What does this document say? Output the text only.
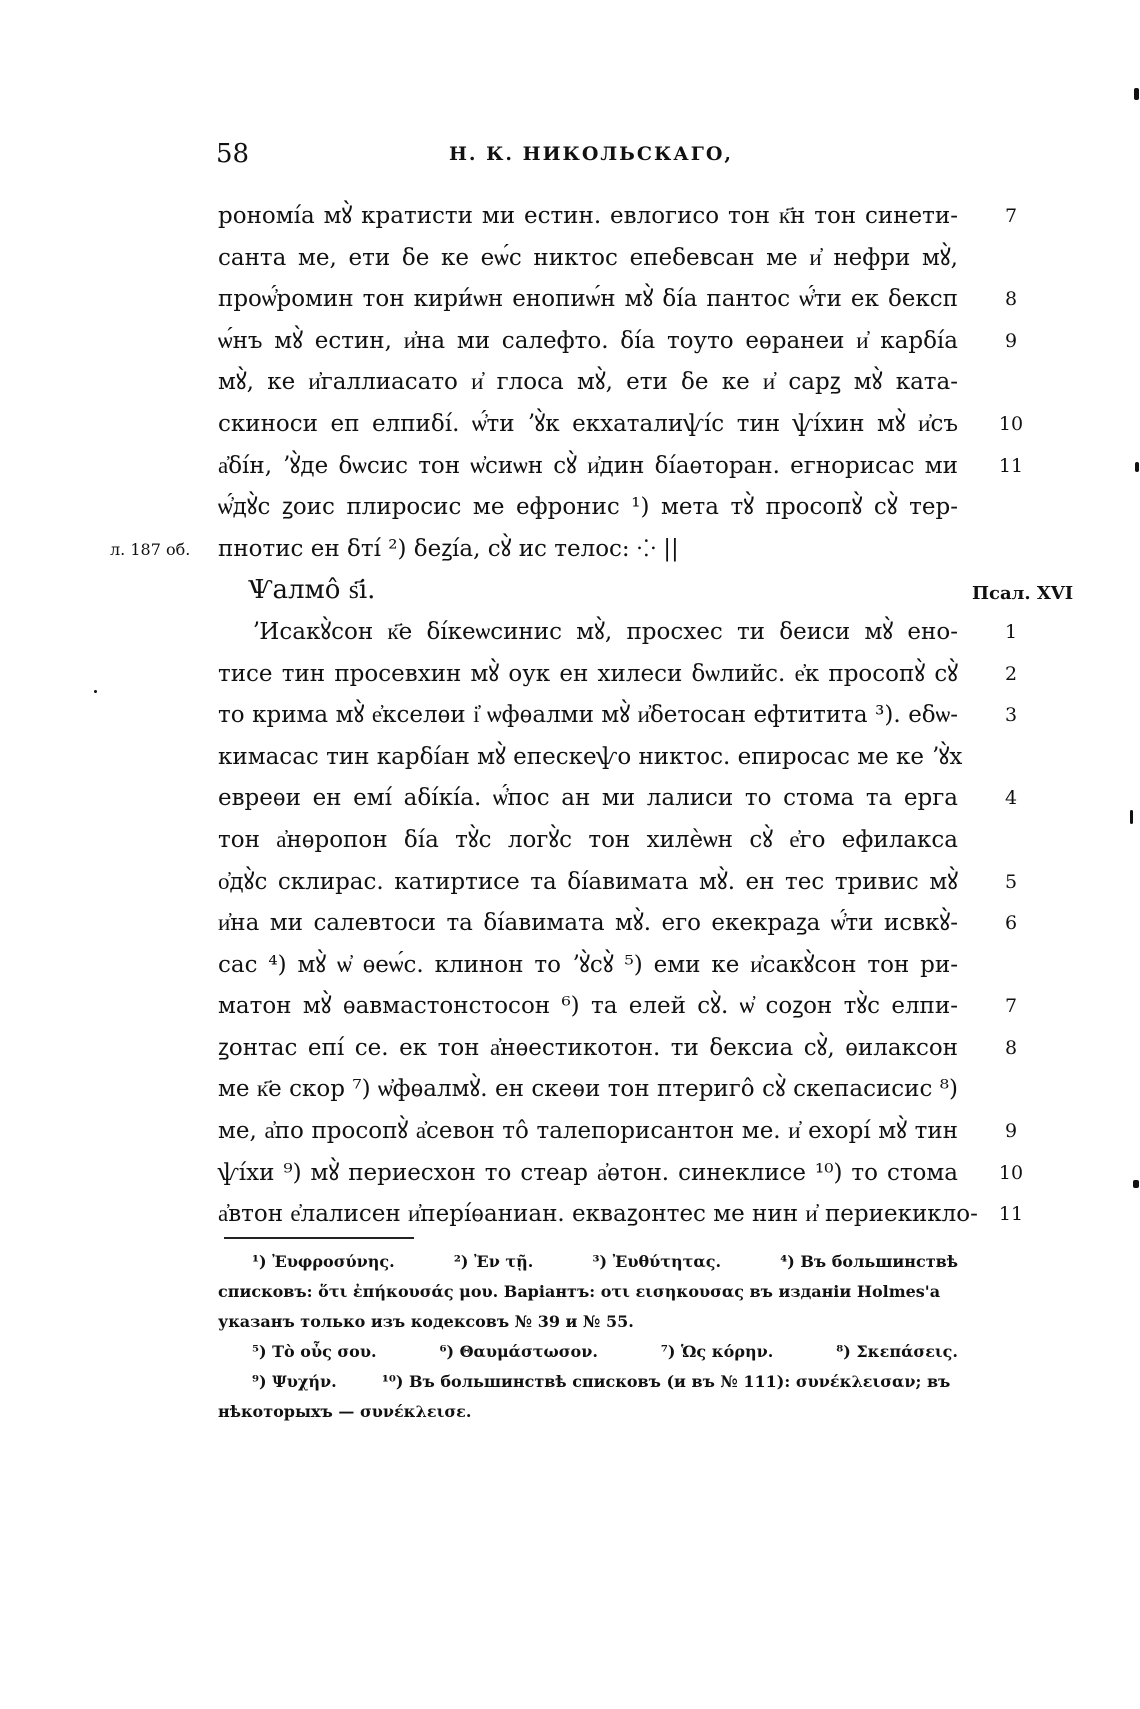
58	Н. К. НИКОЛЬСКАГО,
рономі́а мꙋ̀ кратисти ми естин. евлогисо тон к҃н тон синети-	7
санта ме, ети δе ке еѡ́с никтос епеδевсан ме и҆ нефри мꙋ̀,
проѡ҆́ромин тон кири́ѡн енопиѡ́н мꙋ̀ δі́а пантос ѡ҆́ти ек δексп	8
ѡ́нъ мꙋ̀ естин, и҆на ми салефто. δі́а тоуто еѳранеи и҆ карδі́а	9
мꙋ̀, ке и҆галлиасато и҆ глоса мꙋ̀, ети δе ке и҆ сарꙁ мꙋ̀ ката-
скиноси еп елпиδі́. ѡ҆́ти ʼꙋ̀к екхаталиѱі́с тин ѱі́хин мꙋ̀ и҆съ 10
а҆δі́н, ʼꙋ̀де δѡсис тон ѡ҆сиѡн сꙋ̀ и҆дин δі́аѳторан. егнорисас ми 11
ѡ҆́дꙋ̀с ꙁоис плиросис ме ефронис ¹) мета тꙋ̀ просопꙋ̀ сꙋ̀ тер-
л. 187 об.	пнотис ен δті́ ²) δеꙁі́а, сꙋ̀ ис телос: ⁘ ||
Ѱалмо̂ ѕ҃і.	Псал. XVI
ʼИсакꙋ̀сон к҃е δі́кеѡсинис мꙋ̀, просхес ти δеиси мꙋ̀ ено-	1
тисе тин просевхин мꙋ̀ оук ен хилеси δѡлийс. е҆к просопꙋ̀ сꙋ̀	2
то крима мꙋ̀ е҆кселѳи і҆ ѡфѳалми мꙋ̀ и҆δетосан ефтитита ³). еδѡ-	3
кимасас тин карδі́ан мꙋ̀ епескеѱо никтос. епиросас ме ке ʼꙋ̀х
евреѳи ен емі́ аδі́кі́а. ѡ҆́пос ан ми лалиси то стома та ерга	4
тон а҆нѳропон δі́а тꙋ̀с логꙋ̀с тон хилѐѡн сꙋ̀ е҆го ефилакса
о҆дꙋ̀с склирас. катиртисе та δі́авимата мꙋ̀. ен тес тривис мꙋ̀	5
и҆на ми салевтоси та δі́авимата мꙋ̀. его екекраꙁа ѡ҆́ти исвкꙋ̀-	6
сас ⁴) мꙋ̀ ѡ҆ ѳеѡ́с. клинон то ʼꙋ̀сꙋ̀ ⁵) еми ке и҆сакꙋ̀сон тон ри-
матон мꙋ̀ ѳавмастонстосон ⁶) та елей сꙋ̀. ѡ҆ соꙁон тꙋ̀с елпи-	7
ꙁонтас епі́ се. ек тон а҆нѳестикотон. ти δексиа сꙋ̀, ѳилаксон	8
ме к҃е скор ⁷) ѡ҆фѳалмꙋ̀. ен скеѳи тон птериго̂ сꙋ̀ скепасисис ⁸)
ме, а҆по просопꙋ̀ а҆севон то̂ талепорисантон ме. и҆ ехорі́ мꙋ̀ тин	9
ѱі́хи ⁹) мꙋ̀ периесхон то стеар а҆ѳтон. синеклисе ¹⁰) то стома 10
а҆втон е҆лалисен и҆пері́ѳаниан. екваꙁонтес ме нин и҆ периекикло- 11
¹) Ἐυφροσύνης.	²) Ἐν τῇ.	³) Ἐυθύτητας.	⁴) Въ большинствѣ
списковъ: ὅτι ἐπήκουσάς μου. Варіантъ: οτι εισηκουσας въ изданіи Holmes'а
указанъ только изъ кодексовъ № 39 и № 55.
⁵) Τὸ οὖς σου.	⁶) Θαυμάστωσον.	⁷) Ὡς κόρην.	⁸) Σκεπάσεις.
⁹) Ψυχήν.	¹⁰) Въ большинствѣ списковъ (и въ № 111): συνέκλεισαν; въ
нѣкоторыхъ — συνέκλεισε.
